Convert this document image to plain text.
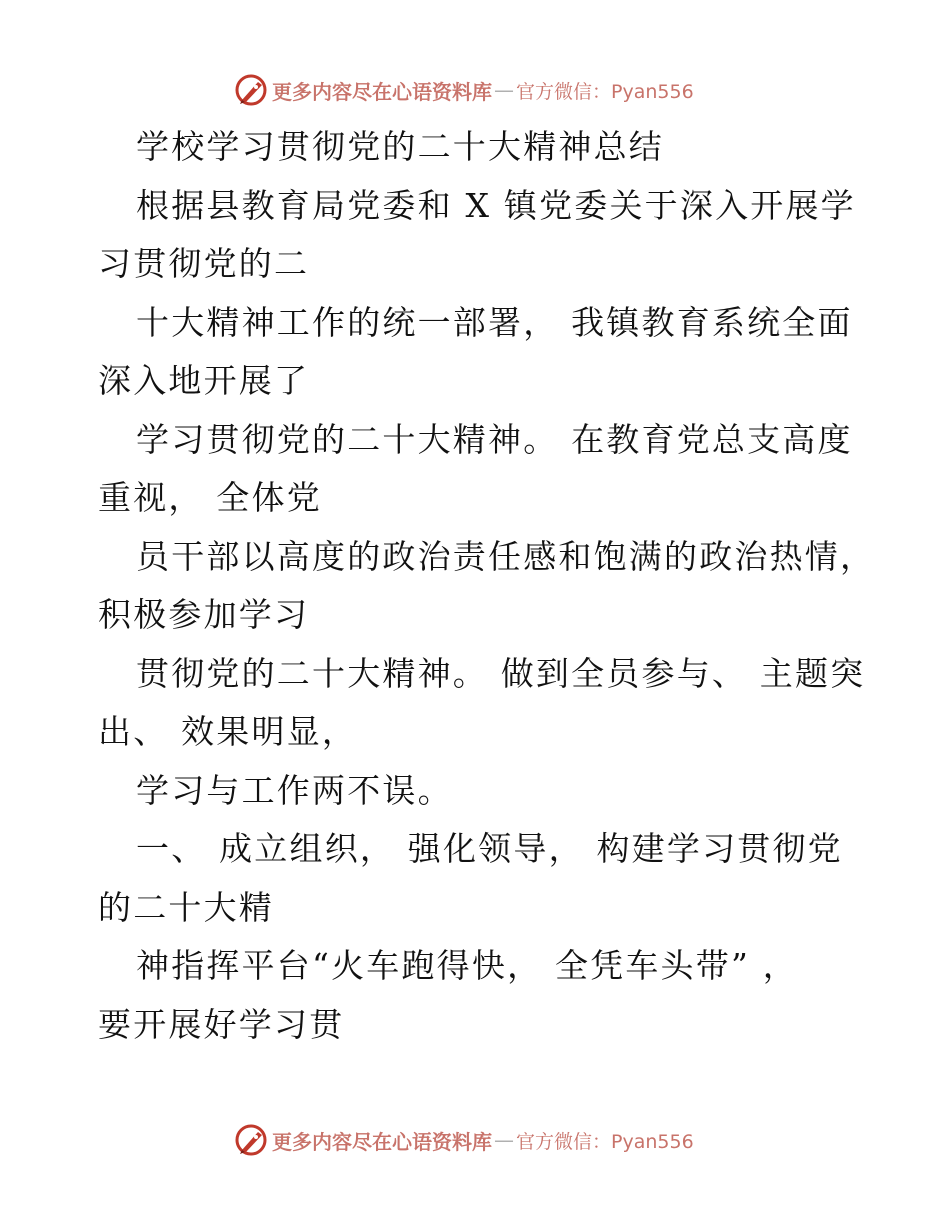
更多内容尽在心语资料库 — 官方微信：Pyan556

学校学习贯彻党的二十大精神总结

根据县教育局党委和 X 镇党委关于深入开展学
习贯彻党的二

十大精神工作的统一部署， 我镇教育系统全面
深入地开展了

学习贯彻党的二十大精神。 在教育党总支高度
重视， 全体党

员干部以高度的政治责任感和饱满的政治热情，
积极参加学习

贯彻党的二十大精神。 做到全员参与、 主题突
出、 效果明显，

学习与工作两不误。

一、 成立组织， 强化领导， 构建学习贯彻党
的二十大精

神指挥平台“火车跑得快， 全凭车头带” ，
要开展好学习贯

更多内容尽在心语资料库 — 官方微信：Pyan556
